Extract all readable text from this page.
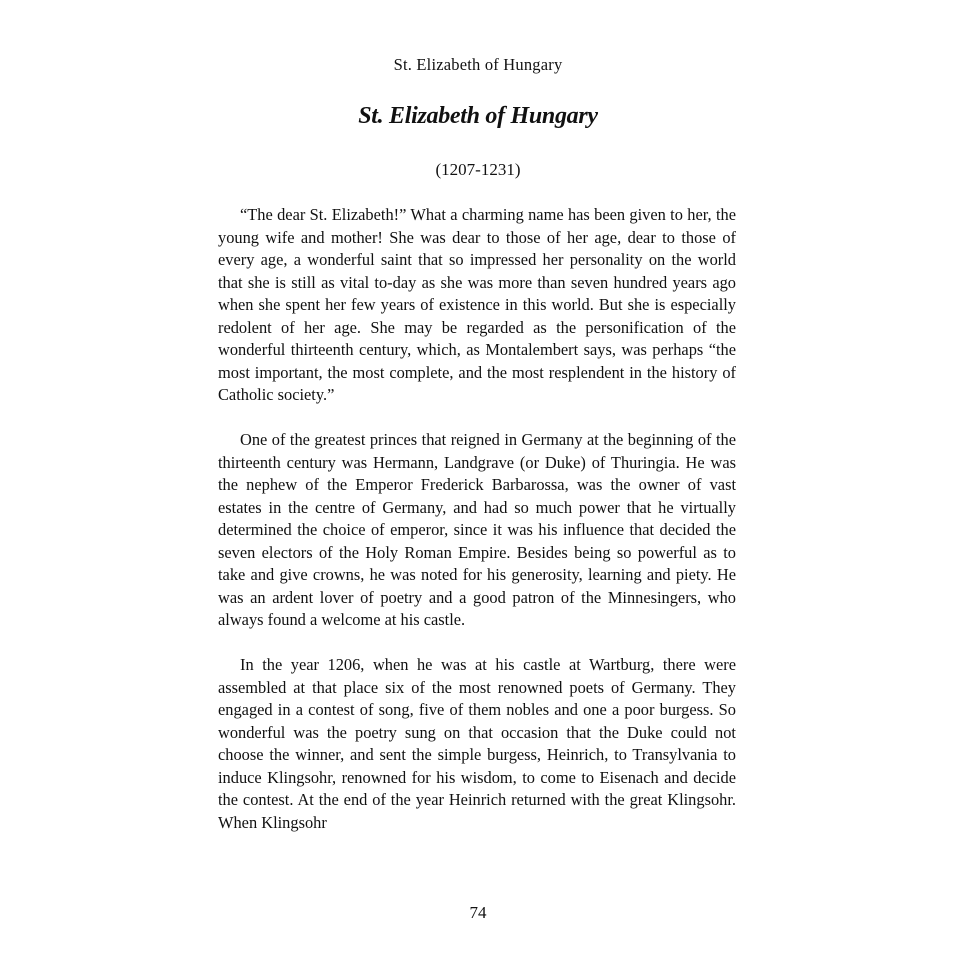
St. Elizabeth of Hungary
St. Elizabeth of Hungary
(1207-1231)

“The dear St. Elizabeth!” What a charming name has been given to her, the young wife and mother! She was dear to those of her age, dear to those of every age, a wonderful saint that so impressed her personality on the world that she is still as vital to-day as she was more than seven hundred years ago when she spent her few years of existence in this world. But she is especially redolent of her age. She may be regarded as the personification of the wonderful thirteenth century, which, as Montalembert says, was perhaps “the most important, the most complete, and the most resplendent in the history of Catholic society.”

One of the greatest princes that reigned in Germany at the beginning of the thirteenth century was Hermann, Landgrave (or Duke) of Thuringia. He was the nephew of the Emperor Frederick Barbarossa, was the owner of vast estates in the centre of Germany, and had so much power that he virtually determined the choice of emperor, since it was his influence that decided the seven electors of the Holy Roman Empire. Besides being so powerful as to take and give crowns, he was noted for his generosity, learning and piety. He was an ardent lover of poetry and a good patron of the Minnesingers, who always found a welcome at his castle.

In the year 1206, when he was at his castle at Wartburg, there were assembled at that place six of the most renowned poets of Germany. They engaged in a contest of song, five of them nobles and one a poor burgess. So wonderful was the poetry sung on that occasion that the Duke could not choose the winner, and sent the simple burgess, Heinrich, to Transylvania to induce Klingsohr, renowned for his wisdom, to come to Eisenach and decide the contest. At the end of the year Heinrich returned with the great Klingsohr. When Klingsohr

74
